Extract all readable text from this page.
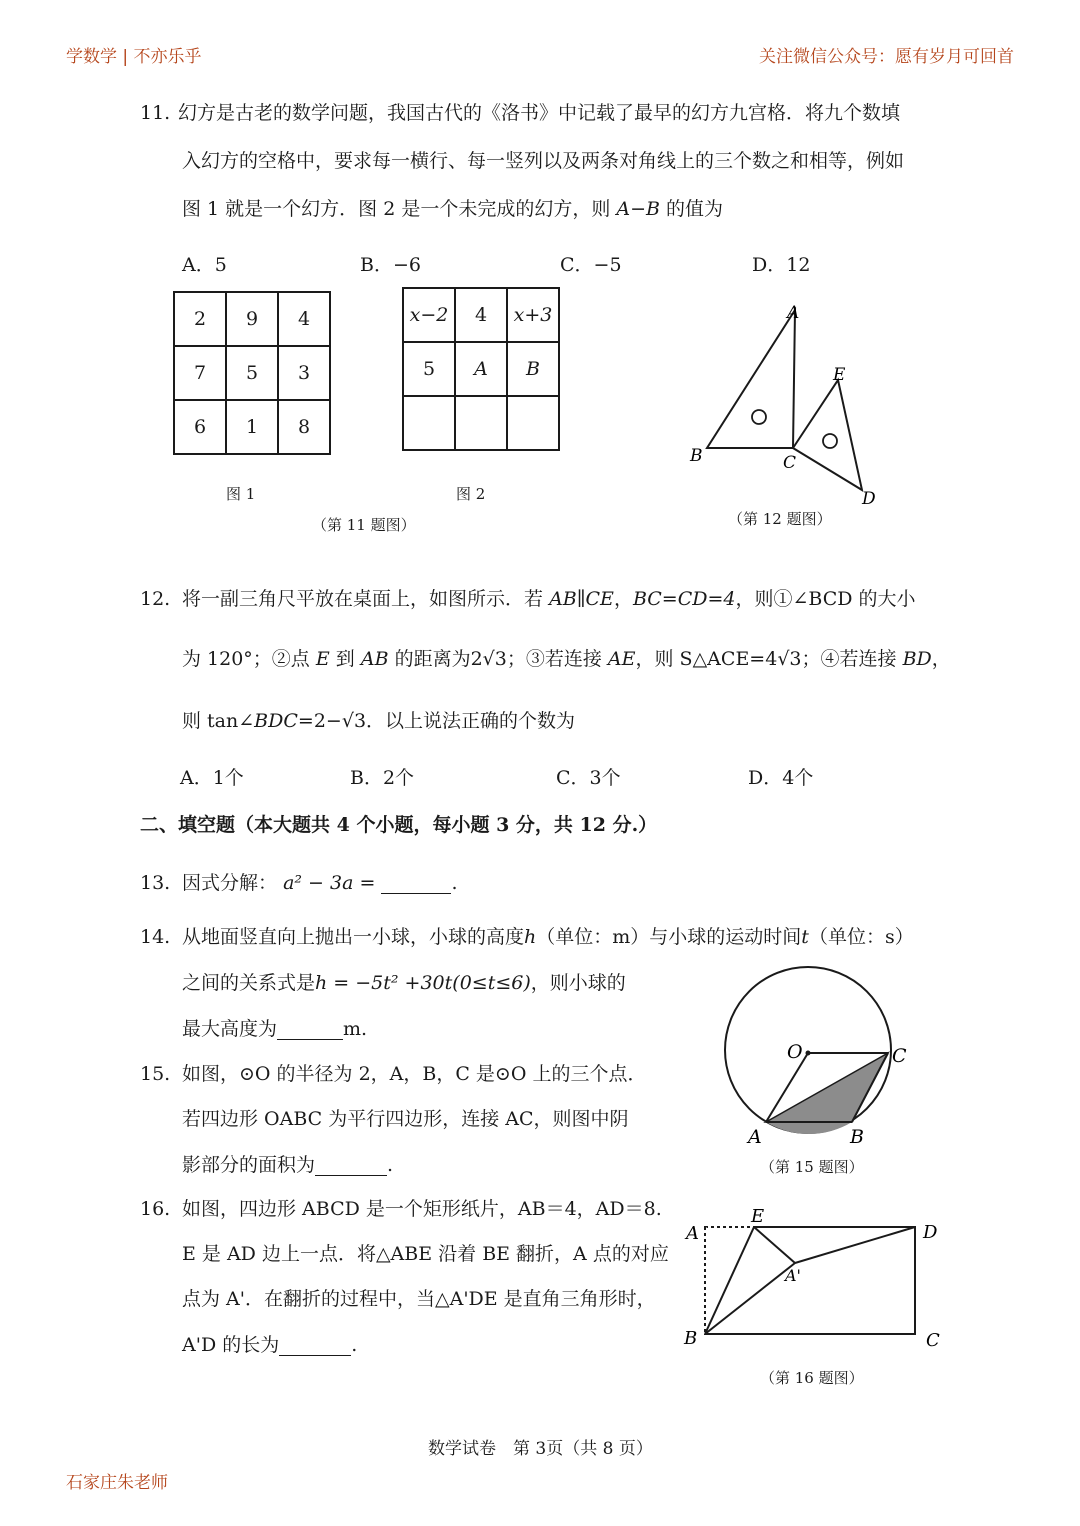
学数学 | 不亦乐乎	关注微信公众号：愿有岁月可回首
石家庄朱老师
11. 幻方是古老的数学问题，我国古代的《洛书》中记载了最早的幻方九宫格．将九个数填
入幻方的空格中，要求每一横行、每一竖列以及两条对角线上的三个数之和相等，例如
图 1 就是一个幻方．图 2 是一个未完成的幻方，则 A−B 的值为
A．5	B．−6	C．−5	D．12
2	9	4
7	5	3
6	1	8
图 1
x−2	4	x+3
5	A	B

图 2
（第 11 题图）
A
B	C
E
D
（第 12 题图）
12. 将一副三角尺平放在桌面上，如图所示．若 AB∥CE，BC=CD=4，则①∠BCD 的大小
为 120°；②点 E 到 AB 的距离为2√3；③若连接 AE，则 S△ACE=4√3；④若连接 BD，
则 tan∠BDC=2−√3．以上说法正确的个数为
A．1个	B．2个	C．3个	D．4个
二、填空题（本大题共 4 个小题，每小题 3 分，共 12 分.）
13. 因式分解： a² − 3a =	.
14. 从地面竖直向上抛出一小球，小球的高度h（单位：m）与小球的运动时间t（单位：s）
之间的关系式是h = −5t² +30t(0≤t≤6)，则小球的
最大高度为	m.
15. 如图，⊙O 的半径为 2，A，B，C 是⊙O 上的三个点．
若四边形 OABC 为平行四边形，连接 AC，则图中阴
影部分的面积为	.
O	C
A	B
（第 15 题图）
16. 如图，四边形 ABCD 是一个矩形纸片，AB＝4，AD＝8.
E 是 AD 边上一点．将△ABE 沿着 BE 翻折，A 点的对应
点为 A'．在翻折的过程中，当△A'DE 是直角三角形时，
A'D 的长为	.
A
E
D
A'
B	C
（第 16 题图）
数学试卷　第 3页（共 8 页）
